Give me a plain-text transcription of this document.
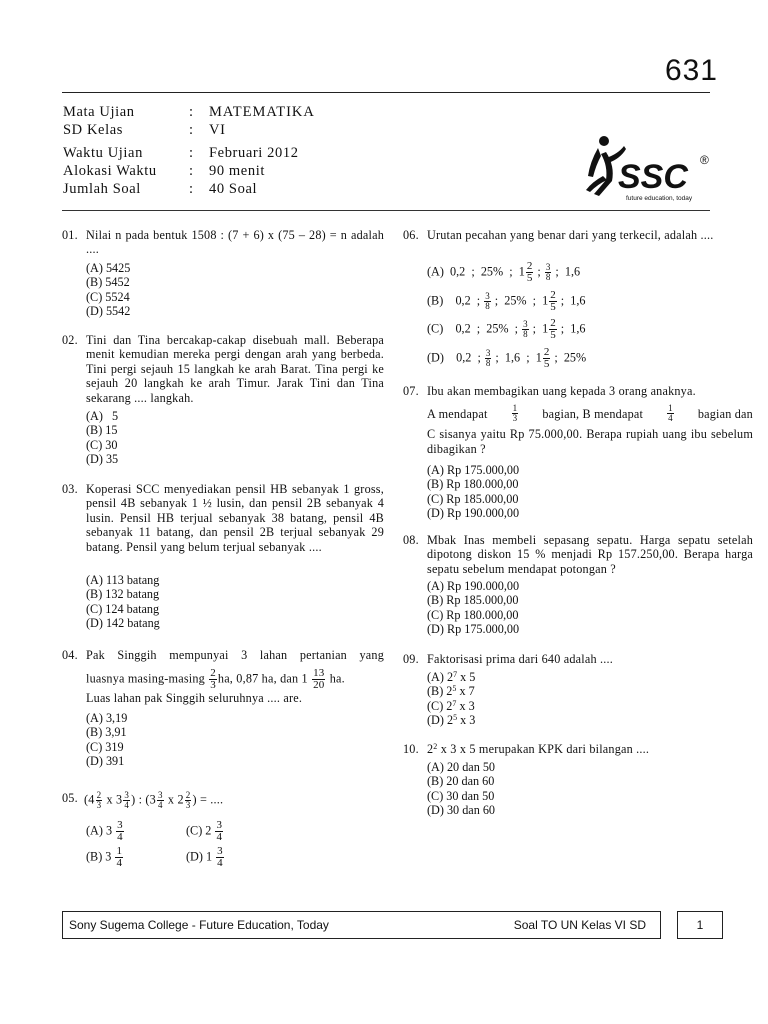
631
Mata Ujian	: MATEMATIKA
SD Kelas	: VI
Waktu Ujian	: Februari 2012
Alokasi Waktu : 90 menit
Jumlah Soal	: 40 Soal	SSC ®
future education, today
01. Nilai n pada bentuk 1508 : (7 + 6) x (75 – 28) = n adalah ....
(A) 5425
(B) 5452
(C) 5524
(D) 5542
02. Tini dan Tina bercakap-cakap disebuah mall. Beberapa menit kemudian mereka pergi dengan arah yang berbeda. Tini pergi sejauh 15 langkah ke arah Barat. Tina pergi ke sejauh 20 langkah ke arah Timur. Jarak Tini dan Tina sekarang .... langkah.
(A)   5
(B) 15
(C) 30
(D) 35
03. Koperasi SCC menyediakan pensil HB sebanyak 1 gross, pensil 4B sebanyak 1 ½ lusin, dan pensil 2B sebanyak 4 lusin. Pensil HB terjual sebanyak 38 batang, pensil 4B sebanyak 11 batang, dan pensil 2B terjual sebanyak 29 batang. Pensil yang belum terjual sebanyak ....
(A) 113 batang
(B) 132 batang
(C) 124 batang
(D) 142 batang
04. Pak Singgih mempunyai 3 lahan pertanian yang
luasnya $masing-masing \frac{2}{3}$ ha, 0,87 ha, dan $1 \frac{13}{20}$ ha.
Luas lahan pak Singgih seluruhnya .... are.
(A) 3,19
(B) 3,91
(C) 319
(D) 391
05. ($4 \frac{2}{3}$ x $3 \frac{3}{4}$ ) : ($3 \frac{3}{4}$ x $2 \frac{2}{3}$ ) = ....
(A) $3 \frac{3}{4}$	(C) $2 \frac{3}{4}$
(B) $3 \frac{1}{4}$	(D) $1 \frac{3}{4}$
06. Urutan pecahan yang benar dari yang terkecil, adalah ....
(A) 0,2  ;  25%  ;  $1 \frac{2}{5}$ ; $\frac{3}{8}$ ;  1,6
(B) 0,2  ; $\frac{3}{8}$ ;  25%  ;  $1 \frac{2}{5}$ ;  1,6
(C) 0,2  ;  25%  ; $\frac{3}{8}$ ;  $1 \frac{2}{5}$ ;  1,6
(D) 0,2  ; $\frac{3}{8}$ ;  1,6  ;  $1 \frac{2}{5}$ ;  25%
07. Ibu akan membagikan uang kepada 3 orang anaknya.
A mendapat	$\frac{1}{3}$ bagian, B mendapat	$\frac{1}{4}$ bagian dan
C sisanya yaitu Rp 75.000,00. Berapa rupiah uang ibu sebelum dibagikan ?
(A) Rp 175.000,00
(B) Rp 180.000,00
(C) Rp 185.000,00
(D) Rp 190.000,00
08. Mbak Inas membeli sepasang sepatu. Harga sepatu setelah dipotong diskon 15 % menjadi Rp 157.250,00. Berapa harga sepatu sebelum mendapat potongan ?
(A) Rp 190.000,00
(B) Rp 185.000,00
(C) Rp 180.000,00
(D) Rp 175.000,00
09. Faktorisasi prima dari 640 adalah ....
(A) $2^7$ x 5
(B) $2^5$ x 7
(C) $2^7$ x 3
(D) $2^5$ x 3
10. $2^2$ x 3 x 5 merupakan KPK dari bilangan ....
(A) 20 dan 50
(B) 20 dan 60
(C) 30 dan 50
(D) 30 dan 60
Sony Sugema College - Future Education, Today	Soal TO UN Kelas VI SD	1
